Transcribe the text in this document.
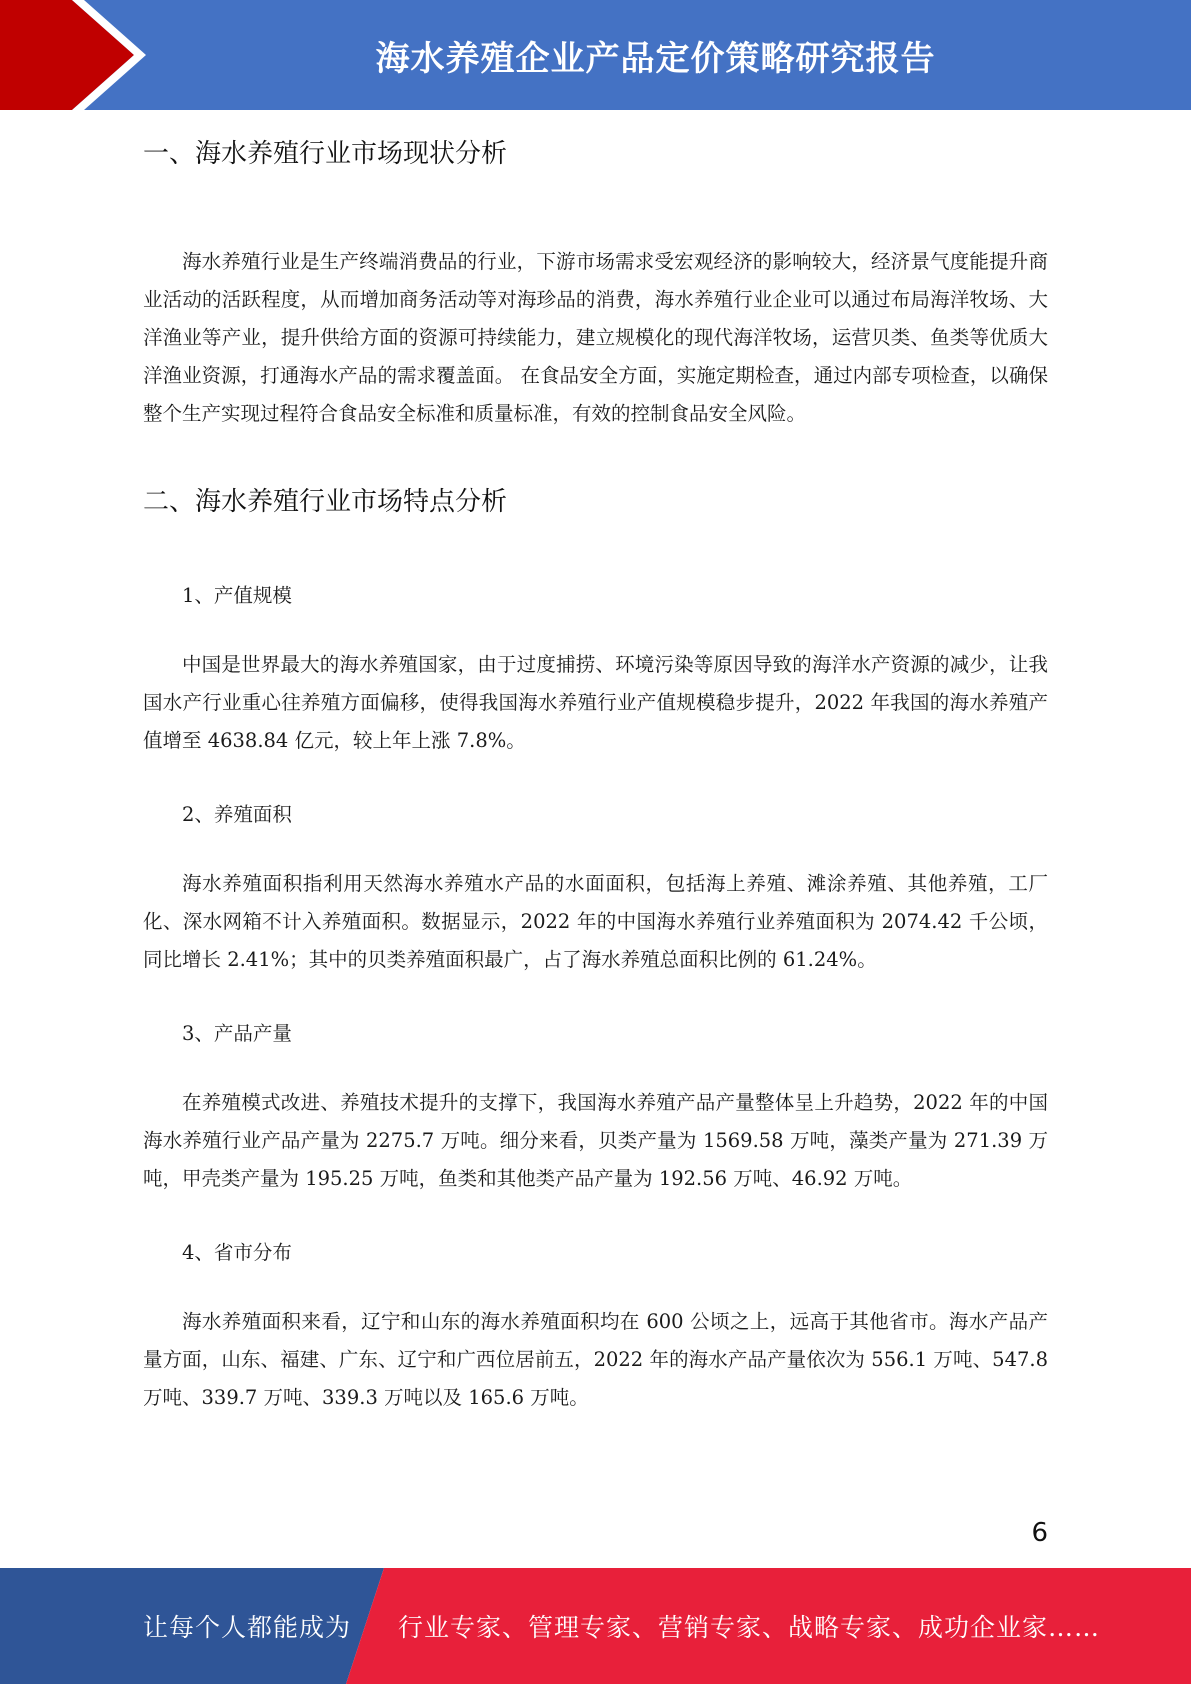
海水养殖企业产品定价策略研究报告
一、海水养殖行业市场现状分析

海水养殖行业是生产终端消费品的行业，下游市场需求受宏观经济的影响较大，经济景气度能提升商业活动的活跃程度，从而增加商务活动等对海珍品的消费，海水养殖行业企业可以通过布局海洋牧场、大洋渔业等产业，提升供给方面的资源可持续能力，建立规模化的现代海洋牧场，运营贝类、鱼类等优质大洋渔业资源，打通海水产品的需求覆盖面。 在食品安全方面，实施定期检查，通过内部专项检查，以确保整个生产实现过程符合食品安全标准和质量标准，有效的控制食品安全风险。

二、海水养殖行业市场特点分析

1、产值规模

中国是世界最大的海水养殖国家，由于过度捕捞、环境污染等原因导致的海洋水产资源的减少，让我国水产行业重心往养殖方面偏移，使得我国海水养殖行业产值规模稳步提升，2022 年我国的海水养殖产值增至 4638.84 亿元，较上年上涨 7.8%。

2、养殖面积

海水养殖面积指利用天然海水养殖水产品的水面面积，包括海上养殖、滩涂养殖、其他养殖，工厂化、深水网箱不计入养殖面积。数据显示，2022 年的中国海水养殖行业养殖面积为 2074.42 千公顷，同比增长 2.41%；其中的贝类养殖面积最广，占了海水养殖总面积比例的 61.24%。

3、产品产量

在养殖模式改进、养殖技术提升的支撑下，我国海水养殖产品产量整体呈上升趋势，2022 年的中国海水养殖行业产品产量为 2275.7 万吨。细分来看，贝类产量为 1569.58 万吨，藻类产量为 271.39 万吨，甲壳类产量为 195.25 万吨，鱼类和其他类产品产量为 192.56 万吨、46.92 万吨。

4、省市分布

海水养殖面积来看，辽宁和山东的海水养殖面积均在 600 公顷之上，远高于其他省市。海水产品产量方面，山东、福建、广东、辽宁和广西位居前五，2022 年的海水产品产量依次为 556.1 万吨、547.8 万吨、339.7 万吨、339.3 万吨以及 165.6 万吨。

6
让每个人都能成为 行业专家、管理专家、营销专家、战略专家、成功企业家……
